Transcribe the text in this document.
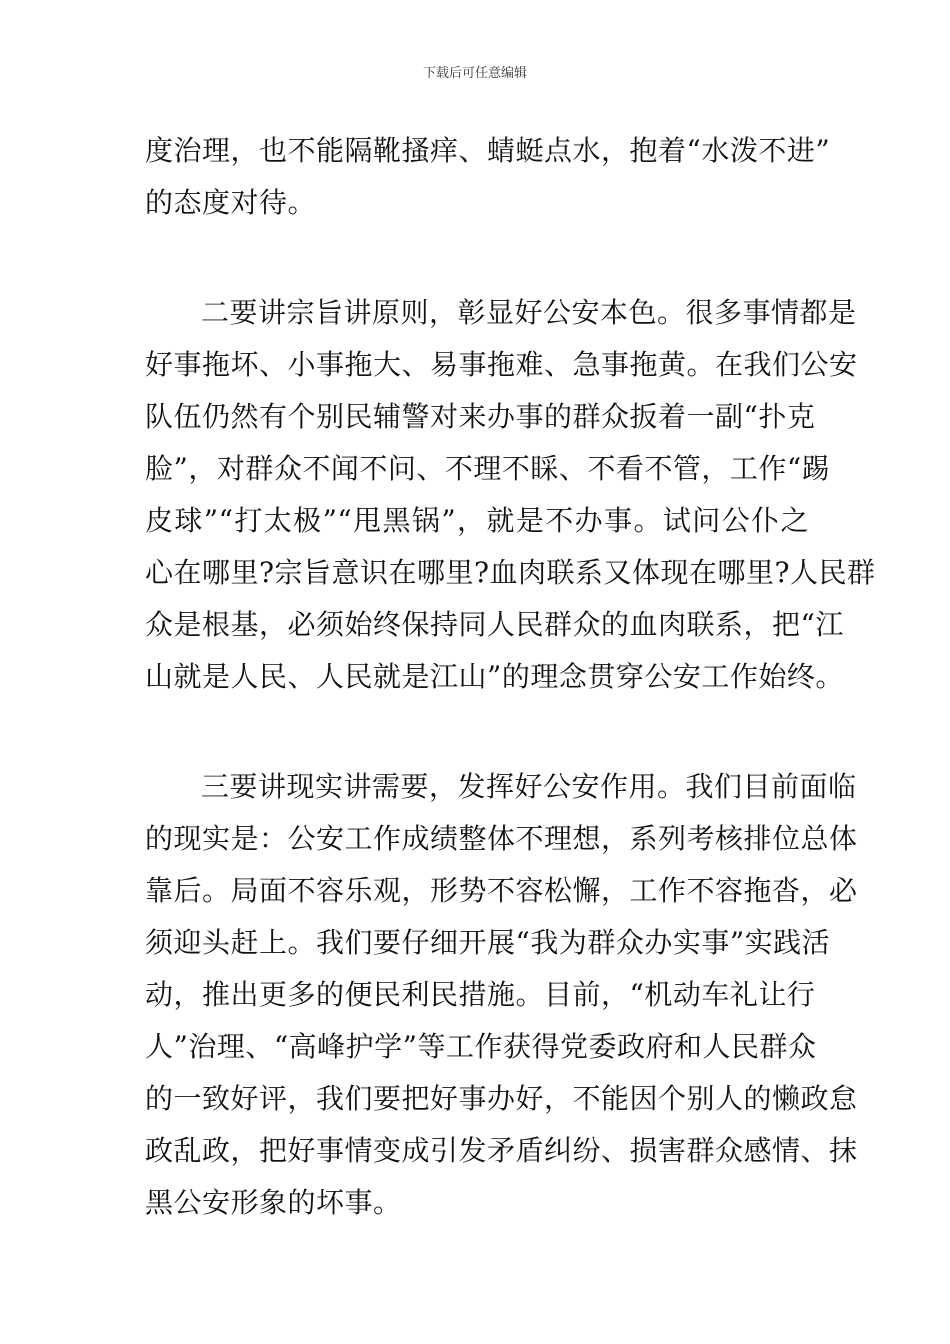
下载后可任意编辑
度治理，也不能隔靴搔痒、蜻蜓点水，抱着“水泼不进”
的态度对待。
二要讲宗旨讲原则，彰显好公安本色。很多事情都是
好事拖坏、小事拖大、易事拖难、急事拖黄。在我们公安
队伍仍然有个别民辅警对来办事的群众扳着一副“扑克
脸”，对群众不闻不问、不理不睬、不看不管，工作“踢
皮球”“打太极”“甩黑锅”，就是不办事。试问公仆之
心在哪里?宗旨意识在哪里?血肉联系又体现在哪里?人民群
众是根基，必须始终保持同人民群众的血肉联系，把“江
山就是人民、人民就是江山”的理念贯穿公安工作始终。
三要讲现实讲需要，发挥好公安作用。我们目前面临
的现实是：公安工作成绩整体不理想，系列考核排位总体
靠后。局面不容乐观，形势不容松懈，工作不容拖沓，必
须迎头赶上。我们要仔细开展“我为群众办实事”实践活
动，推出更多的便民利民措施。目前，“机动车礼让行
人”治理、“高峰护学”等工作获得党委政府和人民群众
的一致好评，我们要把好事办好，不能因个别人的懒政怠
政乱政，把好事情变成引发矛盾纠纷、损害群众感情、抹
黑公安形象的坏事。
